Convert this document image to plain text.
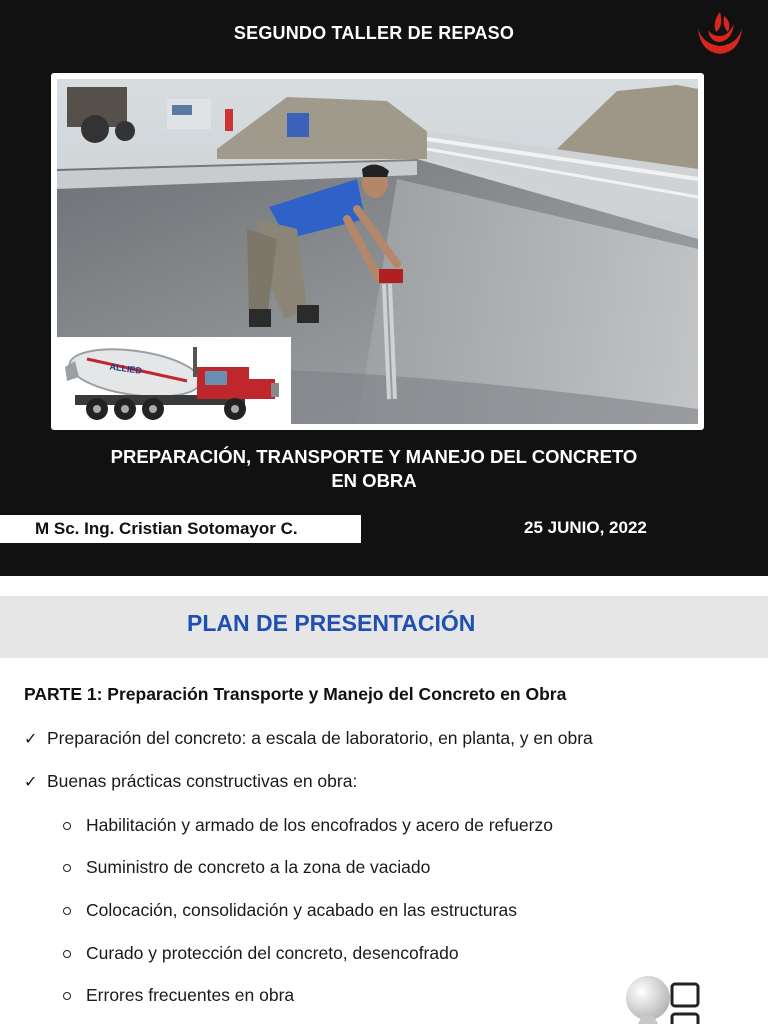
SEGUNDO TALLER DE REPASO
ALLIED
PREPARACIÓN, TRANSPORTE Y MANEJO DEL CONCRETO
EN OBRA
M Sc. Ing. Cristian Sotomayor C.	25 JUNIO, 2022
PLAN DE PRESENTACIÓN
PARTE 1: Preparación Transporte y Manejo del Concreto en Obra
✓ Preparación del concreto: a escala de laboratorio, en planta, y en obra
✓ Buenas prácticas constructivas en obra:
Habilitación y armado de los encofrados y acero de refuerzo
Suministro de concreto a la zona de vaciado
Colocación, consolidación y acabado en las estructuras
Curado y protección del concreto, desencofrado
Errores frecuentes en obra
